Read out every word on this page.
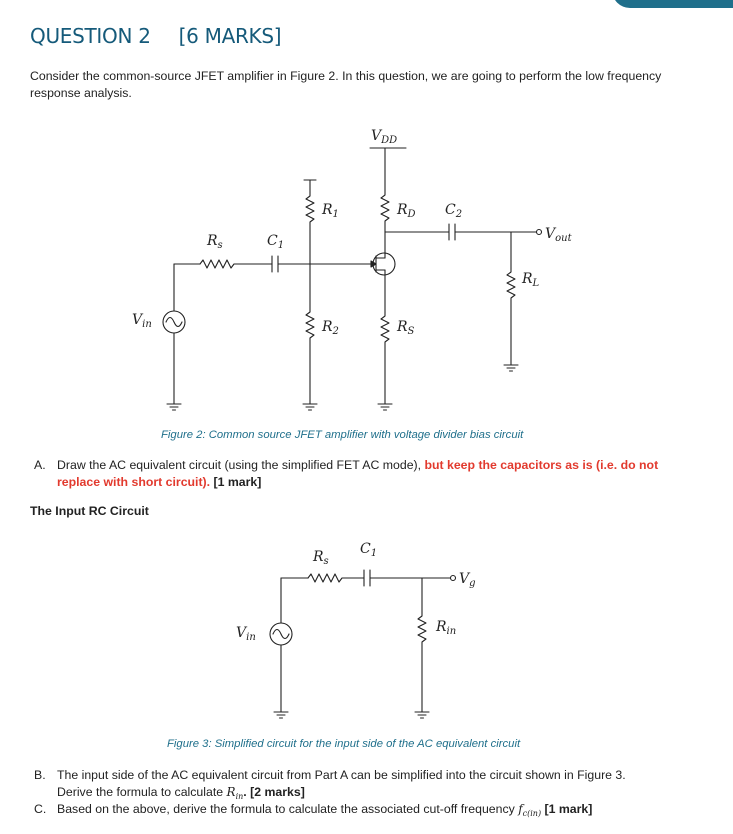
QUESTION 2 [6 MARKS]
Consider the common-source JFET amplifier in Figure 2. In this question, we are going to perform the low frequency response analysis.
$V_{DD}$
$R_1$	$R_D$ $C_2$
$R_s$	$C_1$
$V_{out}$
$R_L$
$V_{in}$	$R_2$	$R_S$
$R_s$
$C_1$
$V_g$
$V_{in}$
$R_{in}$
Figure 2: Common source JFET amplifier with voltage divider bias circuit
A. Draw the AC equivalent circuit (using the simplified FET AC mode), but keep the capacitors as is (i.e. do not replace with short circuit). [1 mark]
The Input RC Circuit
Figure 3: Simplified circuit for the input side of the AC equivalent circuit
B. The input side of the AC equivalent circuit from Part A can be simplified into the circuit shown in Figure 3.
Derive the formula to calculate $R_{in}$. [2 marks]
C. Based on the above, derive the formula to calculate the associated cut-off frequency $f_{c(in)}$ [1 mark]
